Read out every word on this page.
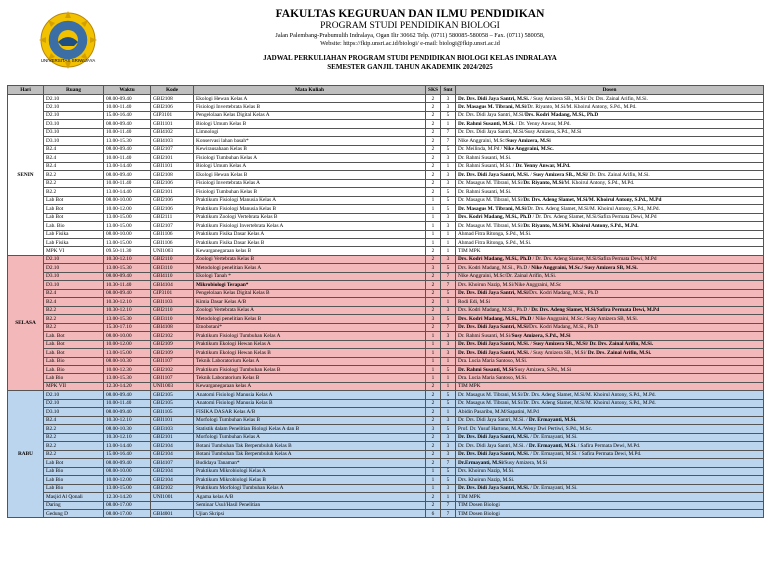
UNIVERSITAS SRIWIJAYA
FAKULTAS KEGURUAN DAN ILMU PENDIDIKAN
PROGRAM STUDI PENDIDIKAN BIOLOGI
Jalan Palembang-Prabumulih Indralaya, Ogan Ilir 30662 Telp. (0711) 580085-580058 – Fax. (0711) 580058,
Website: https://fkip.unsri.ac.id/biologi/ e-mail: biologi@fkip.unsri.ac.id
JADWAL PERKULIAHAN PROGRAM STUDI PENDIDIKAN BIOLOGI KELAS INDRALAYA
SEMESTER GANJIL TAHUN AKADEMIK 2024/2025
Hari	Ruang	Waktu	Kode	Mata Kuliah	SKS	Smt	Dosen
SENIN	D2.10	08.00-09.40	GBI2108	Ekologi Hewan Kelas A	2	3	Dr. Drs. Didi Jaya Santri, M.Si. / Susy Amizera SB., M.Si/ Dr. Drs. Zainal Arifin, M.Si.
	D2.10	10.00-11.40	GBI2106	Fisiologi Invertebrata Kelas B	2	3	Dr. Masagus M. Tibrani, M.Si/Dr. Riyanto, M.Si/M. Khoirul Antony, S.Pd., M.Pd.
	D2.10	15.00-16.40	GIP3101	Pengelolaan Kelas Digital Kelas A	2	5	Dr. Drs. Didi Jaya Santri, M.Si/Drs. Kodri Madang, M.Si., Ph.D
	D3.10	08.00-09.40	GBI1101	Biologi Umum Kelas B	2	1	Dr. Rahmi Susanti, M.Si. / Dr. Yenny Anwar, M.Pd.
	D3.10	10.00-11.40	GBI4102	Limnologi	2	7	Dr. Drs. Didi Jaya Santri, M.Si/Susy Amizera, S.Pd., M.Si
	D3.10	13.00-15.30	GBI4103	Konservasi lahan basah*	2	7	Nike Anggraini, M.Sc/Susy Amizera, M.Si
	B2.4	08.00-09.40	GBI2107	Kewirausahaan Kelas B	2	5	Dr. Meilinda, M.Pd / Nike Anggraini, M.Sc.
	B2.4	10.00-11.40	GBI2101	Fisiologi Tumbuhan Kelas A	2	3	Dr. Rahmi Susanti, M.Si.
	B2.4	13.00-14.40	GBI1101	Biologi Umum Kelas A	2	1	Dr. Rahmi Susanti, M.Si. / Dr. Yenny Anwar, M.Pd.
	B2.2	08.00-09.40	GBI2108	Ekologi Hewan Kelas B	2	3	Dr. Drs. Didi Jaya Santri, M.Si. / Susy Amizera SB., M.Si/ Dr. Drs. Zainal Arifin, M.Si.
	B2.2	10.00-11.40	GBI2106	Fisiologi Invertebrata Kelas A	2	3	Dr. Masagus M. Tibrani, M.Si/Dr. Riyanto, M.Si/M. Khoirul Antony, S.Pd., M.Pd.
	B2.2	13.00-14.40	GBI2101	Fisiologi Tumbuhan Kelas B	2	5	Dr. Rahmi Susanti, M.Si.
	Lab Bot	08.00-10.00	GBI2106	Praktikum Fisiologi Manusia Kelas A	1	5	Dr. Masagus M. Tibrani, M.Si/Dr. Drs. Adeng Slamet, M.Si/M. Khoirul Antony, S.Pd., M.Pd
	Lab Bot	10.00-12.00	GBI2106	Praktikum Fisiologi Manusia Kelas B	1	5	Dr. Masagus M. Tibrani, M.Si/Dr. Drs. Adeng Slamet, M.Si/M. Khoirul Antony, S.Pd., M.Pd.
	Lab Bot	13.00-15.00	GBI2111	Praktikum Zoologi Vertebrata Kelas B	1	3	Drs. Kodri Madang, M.Si., Ph.D / Dr. Drs. Adeng Slamet, M.Si/Safira Permata Dewi, M.Pd
	Lab. Bio	13.00-15.00	GBI2107	Praktikum Fisiologi Invertebrata Kelas A	1	3	Dr. Masagus M. Tibrani, M.Si/Dr. Riyanto, M.Si/M. Khoirul Antony, S.Pd., M.Pd.
	Lab Fisika	08.00-10.00	GBI1106	Praktikum Fisika Dasar Kelas A	1	1	Ahmad Fitra Ritonga, S.Pd., M.Si.
	Lab Fisika	13.00-15.00	GBI1106	Praktikum Fisika Dasar Kelas B	1	1	Ahmad Fitra Ritonga, S.Pd., M.Si.
	MPK VI	09.50-11.30	UNI1003	Kewarganegaraan kelas B	2	1	TIM MPK
SELASA	D2.10	10.30-12.10	GBI2110	Zoologi Vertebrata Kelas B	2	3	Drs. Kodri Madang, M.Si., Ph.D / Dr. Drs. Adeng Slamet, M.Si/Safira Permata Dewi, M.Pd
	D2.10	13.00-15.30	GBI3110	Metodologi penelitian Kelas A	3	5	Drs. Kodri Madang, M.Si., Ph.D / Nike Anggraini, M.Sc./ Susy Amizera SB, M.Si.
	D3.10	08.00-09.40	GBI4110	Ekologi Tanah *	2	7	Nike Anggraini, M.Sc/Dr. Zainal Arifin, M.Si.
	D3.10	10.30-11.40	GBI4104	Mikrobiologi Terapan*	2	7	Drs. Khoirun Nazip, M.Si/Nike Anggraini, M.Sc
	B2.4	08.00-09.40	GIP3101	Pengelolaan Kelas Digital Kelas B	2	5	Dr. Drs. Didi Jaya Santri, M.Si/Drs. Kodri Madang, M.Si., Ph.D
	B2.4	10.30-12.10	GBI1103	Kimia Dasar Kelas A/B	2	1	Rodi Edi, M.Si
	B2.2	10.30-12.10	GBI2110	Zoologi Vertebrata Kelas A	2	3	Drs. Kodri Madang, M.Si., Ph.D / Dr. Drs. Adeng Slamet, M.Si/Safira Permata Dewi, M.Pd
	B2.2	13.00-15.30	GBI3110	Metodologi penelitian Kelas B	3	5	Drs. Kodri Madang, M.Si., Ph.D / Nike Anggraini, M.Sc./ Susy Amizera SB, M.Si.
	B2.2	15.30-17.10	GBI4108	Etnobotani*	2	7	Dr. Drs. Didi Jaya Santri, M.Si/Drs. Kodri Madang, M.Si., Ph.D
	Lab. Bot	08.00-10.00	GBI2102	Praktikum Fisiologi Tumbuhan Kelas A	1	3	Dr. Rahmi Susanti, M.Si/Susy Amizera, S.Pd., M.Si
	Lab. Bot	10.00-12.00	GBI2109	Praktikum Ekologi Hewan Kelas A	1	3	Dr. Drs. Didi Jaya Santri, M.Si. / Susy Amizera SB., M.Si/ Dr. Drs. Zainal Arifin, M.Si.
	Lab. Bot	13.00-15.00	GBI2109	Praktikum Ekologi Hewan Kelas B	1	3	Dr. Drs. Didi Jaya Santri, M.Si. / Susy Amizera SB., M.Si/ Dr. Drs. Zainal Arifin, M.Si.
	Lab. Bio	08.00-10.30	GBI1107	Teknik Laboratorium Kelas A	1	1	Dra. Lucia Maria Santoso, M.Si.
	Lab. Bio	10.00-12.30	GBI2102	Praktikum Fisiologi Tumbuhan Kelas B	1	5	Dr. Rahmi Susanti, M.Si/Susy Amizera, S.Pd., M.Si
	Lab Bio	13.00-15.30	GBI1107	Teknik Laboratorium Kelas B	1	1	Dra. Lucia Maria Santoso, M.Si.
	MPK VII	12.30-14.20	UNI1003	Kewarganegaraan kelas A	2	1	TIM MPK
RABU	D2.10	08.00-09.40	GBI2105	Anatomi Fisiologi Manusia Kelas A	2	5	Dr. Masagus M. Tibrani, M.Si/Dr. Drs. Adeng Slamet, M.Si/M. Khoirul Antony, S.Pd., M.Pd.
	D2.10	10.00-11.40	GBI2105	Anatomi Fisiologi Manusia Kelas B	2	5	Dr. Masagus M. Tibrani, M.Si/Dr. Drs. Adeng Slamet, M.Si/M. Khoirul Antony, S.Pd., M.Pd.
	D3.10	08.00-09.40	GBI1105	FISIKA DASAR Kelas A/B	2	1	Abidin Pasaribu, M.M/Sapatini, M.Pd
	B2.4	10.30-12.10	GBI1101	Morfologi Tumbuhan Kelas B	2	3	Dr. Drs. Didi Jaya Santri, M.Si. / Dr. Ermayanti, M.Si.
	B2.2	08.00-10.30	GBI3103	Statistik dalam Penelitian Biologi Kelas A dan B	3	5	Prof. Dr. Yusuf Hartono, M.A./Weny Dwi Pertiwi, S.Pd., M.Sc.
	B2.2	10.30-12.10	GBI2101	Morfologi Tumbuhan Kelas A	2	3	Dr. Drs. Didi Jaya Santri, M.Si. / Dr. Ermayanti, M.Si.
	B2.2	13.00-14.40	GBI2104	Botani Tumbuhan Tak Berpembuluh Kelas B	2	3	Dr. Drs. Didi Jaya Santri, M.Si. / Dr. Ermayanti, M.Si. / Safira Permata Dewi, M.Pd.
	B2.2	15.00-16.40	GBI2104	Botani Tumbuhan Tak Berpembuluh Kelas A	2	3	Dr. Drs. Didi Jaya Santri, M.Si. / Dr. Ermayanti, M.Si. / Safira Permata Dewi, M.Pd.
	Lab Bot	08.00-09.40	GBI4107	Budidaya Tanaman*	2	7	Dr.Ermayanti, M.Si/Susy Amizera, M.Si
	Lab Bio	08.00-10.00	GBI2104	Praktikum Mikrobiologi Kelas A	1	5	Drs. Khoirun Nazip, M.Si.
	Lab Bio	10.00-12.00	GBI2104	Praktikum Mikrobiologi Kelas B	1	5	Drs. Khoirun Nazip, M.Si.
	Lab Bio	13.00-15.00	GBI2102	Praktikum Morfologi Tumbuhan Kelas A	1	3	Dr. Drs. Didi Jaya Santri, M.Si. / Dr. Ermayanti, M.Si.
	Masjid Al Qonali	12.30-14.20	UNI1001	Agama kelas A/B	2	1	TIM MPK
	Daring	08.00-17.00		Seminar Usul/Hasil Penelitian	2	7	TIM Dosen Biologi
	Gedung D	08.00-17.00	GBI4001	Ujian Skripsi	6	7	TIM Dosen Biologi
